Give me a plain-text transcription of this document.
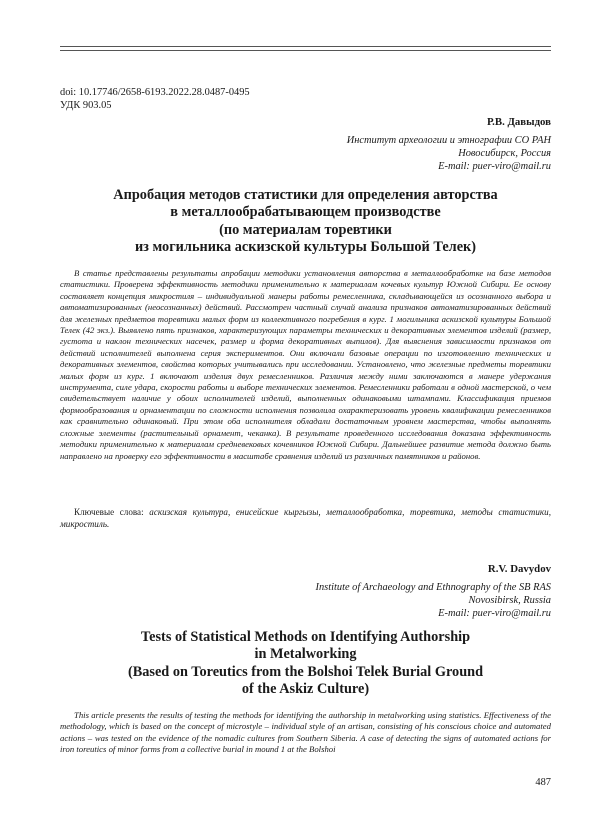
doi: 10.17746/2658-6193.2022.28.0487-0495
УДК 903.05
Р.В. Давыдов
Институт археологии и этнографии СО РАН
Новосибирск, Россия
E-mail: puer-viro@mail.ru
Апробация методов статистики для определения авторства
в металлообрабатывающем производстве
(по материалам торевтики
из могильника аскизской культуры Большой Телек)

В статье представлены результаты апробации методики установления авторства в металлообработке на базе методов статистики. Проверена эффективность методики применительно к материалам кочевых культур Южной Сибири. Ее основу составляет концепция микростиля – индивидуальной манеры работы ремесленника, складывающейся из осознанного выбора и автоматизированных (неосознанных) действий. Рассмотрен частный случай анализа признаков автоматизированных действий для железных предметов торевтики малых форм из коллективного погребения в кург. 1 могильника аскизской культуры Большой Телек (42 экз.). Выявлено пять признаков, характеризующих параметры технических и декоративных элементов изделий (размер, густота и наклон технических насечек, размер и форма декоративных выпилов). Для выяснения зависимости признаков от действий исполнителей выполнена серия экспериментов. Они включали базовые операции по изготовлению технических и декоративных элементов, свойства которых учитывались при исследовании. Установлено, что железные предметы торевтики малых форм из кург. 1 включают изделия двух ремесленников. Различия между ними заключаются в манере удержания инструмента, силе удара, скорости работы и выборе технических элементов. Ремесленники работали в одной мастерской, о чем свидетельствует наличие у обоих исполнителей изделий, выполненных одинаковыми штампами. Классификация приемов формообразования и орнаментации по сложности исполнения позволила охарактеризовать уровень квалификации ремесленников как сравнительно одинаковый. При этом оба исполнителя обладали достаточным уровнем мастерства, чтобы выполнять сложные элементы (растительный орнамент, чеканка). В результате проведенного исследования доказана эффективность методики применительно к материалам средневековых кочевников Южной Сибири. Дальнейшее развитие метода должно быть направлено на проверку его эффективности в масштабе сравнения изделий из различных памятников и районов.

Ключевые слова: аскизская культура, енисейские кыргызы, металлообработка, торевтика, методы статистики, микростиль.

R.V. Davydov
Institute of Archaeology and Ethnography of the SB RAS
Novosibirsk, Russia
E-mail: puer-viro@mail.ru
Tests of Statistical Methods on Identifying Authorship
in Metalworking
(Based on Toreutics from the Bolshoi Telek Burial Ground
of the Askiz Culture)

This article presents the results of testing the methods for identifying the authorship in metalworking using statistics. Effectiveness of the methodology, which is based on the concept of microstyle – individual style of an artisan, consisting of his conscious choice and automated actions – was tested on the evidence of the nomadic cultures from Southern Siberia. A case of detecting the signs of automated actions for iron toreutics of minor forms from a collective burial in mound 1 at the Bolshoi

487
